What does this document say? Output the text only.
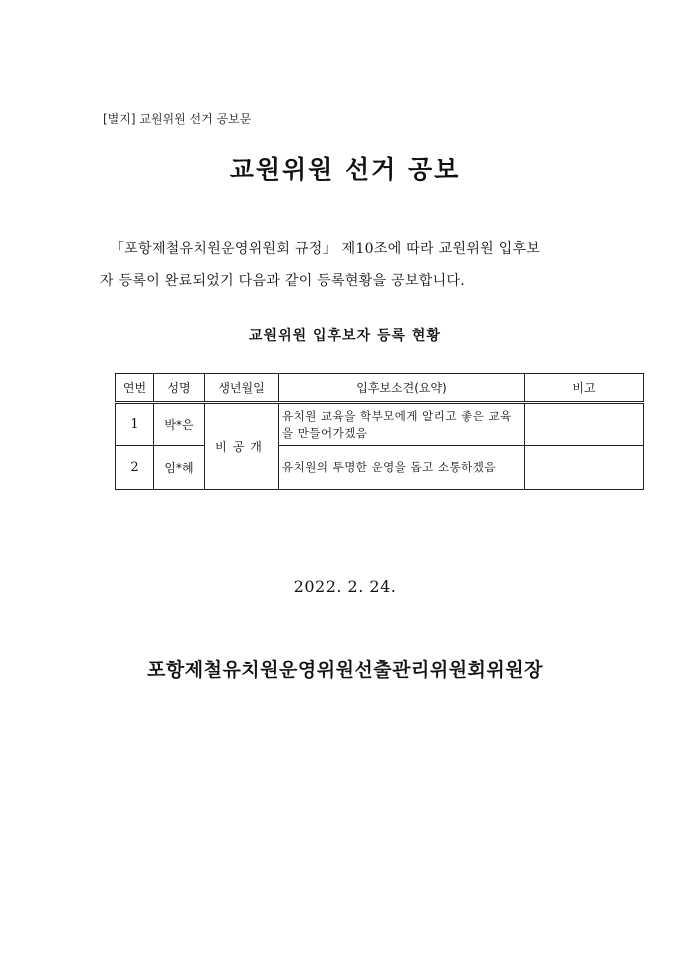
[별지] 교원위원 선거 공보문
교원위원 선거 공보
「포항제철유치원운영위원회 규정」 제10조에 따라 교원위원 입후보
자 등록이 완료되었기 다음과 같이 등록현황을 공보합니다.
교원위원 입후보자 등록 현황
연번	성명	생년월일	입후보소견(요약)	비고
1	박*은	비공개	유치원 교육을 학부모에게 알리고 좋은 교육을 만들어가겠음	
2	임*혜		유치원의 투명한 운영을 돕고 소통하겠음	
2022. 2. 24.
포항제철유치원운영위원선출관리위원회위원장
